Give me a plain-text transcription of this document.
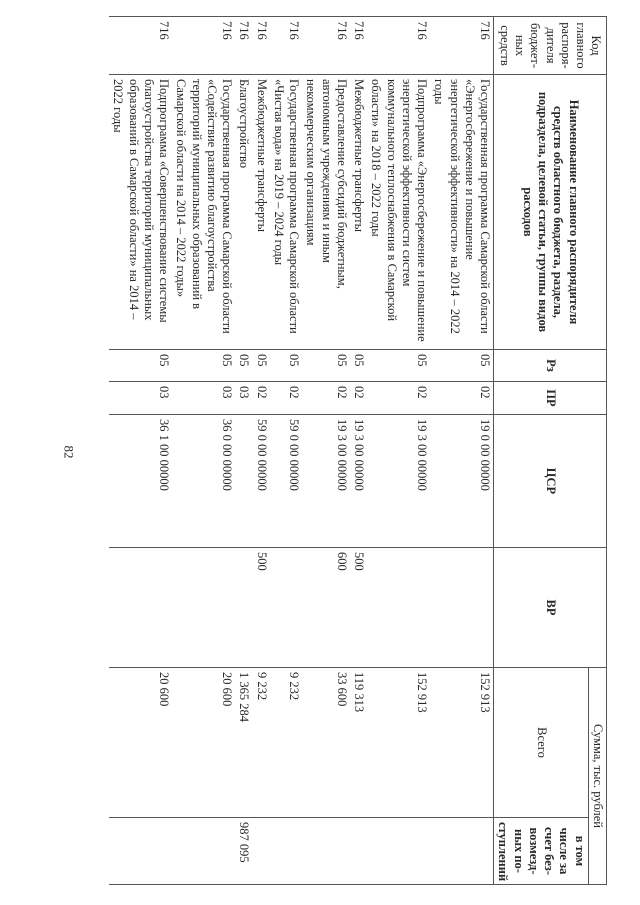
82
Код главного распоря-дителя бюджет-ных средств	Наименование главного распорядителя средств областного бюджета, раздела, подраздела, целевой статьи, группы видов расходов	Рз	ПР	ЦСР	ВР	Сумма, тыс. рублей	
						Всего	в том числе за счет без-возмезд-ных по-ступлений
716	Государственная программа Самарской области «Энергосбережение и повышение энергетической эффективности» на 2014 – 2022 годы	05	02	19 0 00 00000		152 913	
716	Подпрограмма «Энергосбережение и повышение энергетической эффективности систем коммунального теплоснабжения в Самарской области» на 2018 – 2022 годы	05	02	19 3 00 00000		152 913	
716	Межбюджетные трансферты	05	02	19 3 00 00000	500	119 313	
716	Предоставление субсидий бюджетным, автономным учреждениям и иным некоммерческим организациям	05	02	19 3 00 00000	600	33 600	
716	Государственная программа Самарской области «Чистая вода» на 2019 – 2024 годы	05	02	59 0 00 00000		9 232	
716	Межбюджетные трансферты	05	02	59 0 00 00000	500	9 232	
716	Благоустройство	05	03			1 365 284	987 095
716	Государственная программа Самарской области «Содействие развитию благоустройства территорий муниципальных образований в Самарской области на 2014 – 2022 годы»	05	03	36 0 00 00000		20 600	
716	Подпрограмма «Совершенствование системы благоустройства территорий муниципальных образований в Самарской области» на 2014 – 2022 годы	05	03	36 1 00 00000		20 600	
